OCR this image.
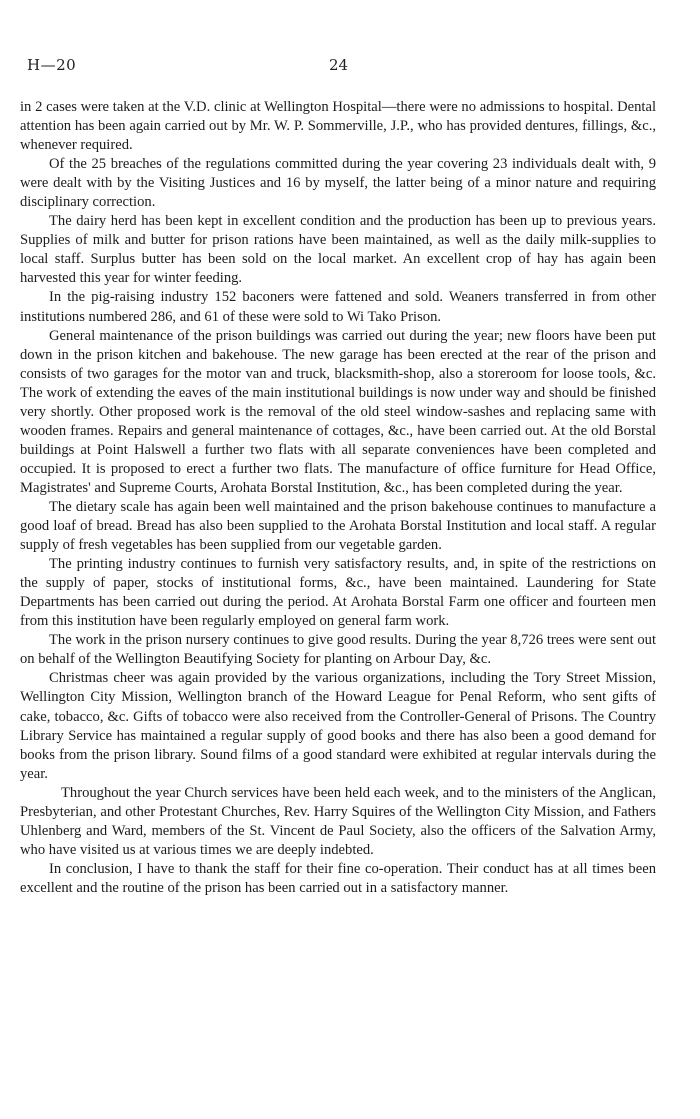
H—20	24

in 2 cases were taken at the V.D. clinic at Wellington Hospital—there were no admissions to hospital. Dental attention has been again carried out by Mr. W. P. Sommerville, J.P., who has provided dentures, fillings, &c., whenever required.

Of the 25 breaches of the regulations committed during the year covering 23 individuals dealt with, 9 were dealt with by the Visiting Justices and 16 by myself, the latter being of a minor nature and requiring disciplinary correction.

The dairy herd has been kept in excellent condition and the production has been up to previous years. Supplies of milk and butter for prison rations have been maintained, as well as the daily milk-supplies to local staff. Surplus butter has been sold on the local market. An excellent crop of hay has again been harvested this year for winter feeding.

In the pig-raising industry 152 baconers were fattened and sold. Weaners transferred in from other institutions numbered 286, and 61 of these were sold to Wi Tako Prison.

General maintenance of the prison buildings was carried out during the year; new floors have been put down in the prison kitchen and bakehouse. The new garage has been erected at the rear of the prison and consists of two garages for the motor van and truck, blacksmith-shop, also a storeroom for loose tools, &c. The work of extending the eaves of the main institutional buildings is now under way and should be finished very shortly. Other proposed work is the removal of the old steel window-sashes and replacing same with wooden frames. Repairs and general maintenance of cottages, &c., have been carried out. At the old Borstal buildings at Point Halswell a further two flats with all separate conveniences have been completed and occupied. It is proposed to erect a further two flats. The manufacture of office furniture for Head Office, Magistrates' and Supreme Courts, Arohata Borstal Institution, &c., has been completed during the year.

The dietary scale has again been well maintained and the prison bakehouse continues to manufacture a good loaf of bread. Bread has also been supplied to the Arohata Borstal Institution and local staff. A regular supply of fresh vegetables has been supplied from our vegetable garden.

The printing industry continues to furnish very satisfactory results, and, in spite of the restrictions on the supply of paper, stocks of institutional forms, &c., have been maintained. Laundering for State Departments has been carried out during the period. At Arohata Borstal Farm one officer and fourteen men from this institution have been regularly employed on general farm work.

The work in the prison nursery continues to give good results. During the year 8,726 trees were sent out on behalf of the Wellington Beautifying Society for planting on Arbour Day, &c.

Christmas cheer was again provided by the various organizations, including the Tory Street Mission, Wellington City Mission, Wellington branch of the Howard League for Penal Reform, who sent gifts of cake, tobacco, &c. Gifts of tobacco were also received from the Controller-General of Prisons. The Country Library Service has maintained a regular supply of good books and there has also been a good demand for books from the prison library. Sound films of a good standard were exhibited at regular intervals during the year.

Throughout the year Church services have been held each week, and to the ministers of the Anglican, Presbyterian, and other Protestant Churches, Rev. Harry Squires of the Wellington City Mission, and Fathers Uhlenberg and Ward, members of the St. Vincent de Paul Society, also the officers of the Salvation Army, who have visited us at various times we are deeply indebted.

In conclusion, I have to thank the staff for their fine co-operation. Their conduct has at all times been excellent and the routine of the prison has been carried out in a satisfactory manner.
